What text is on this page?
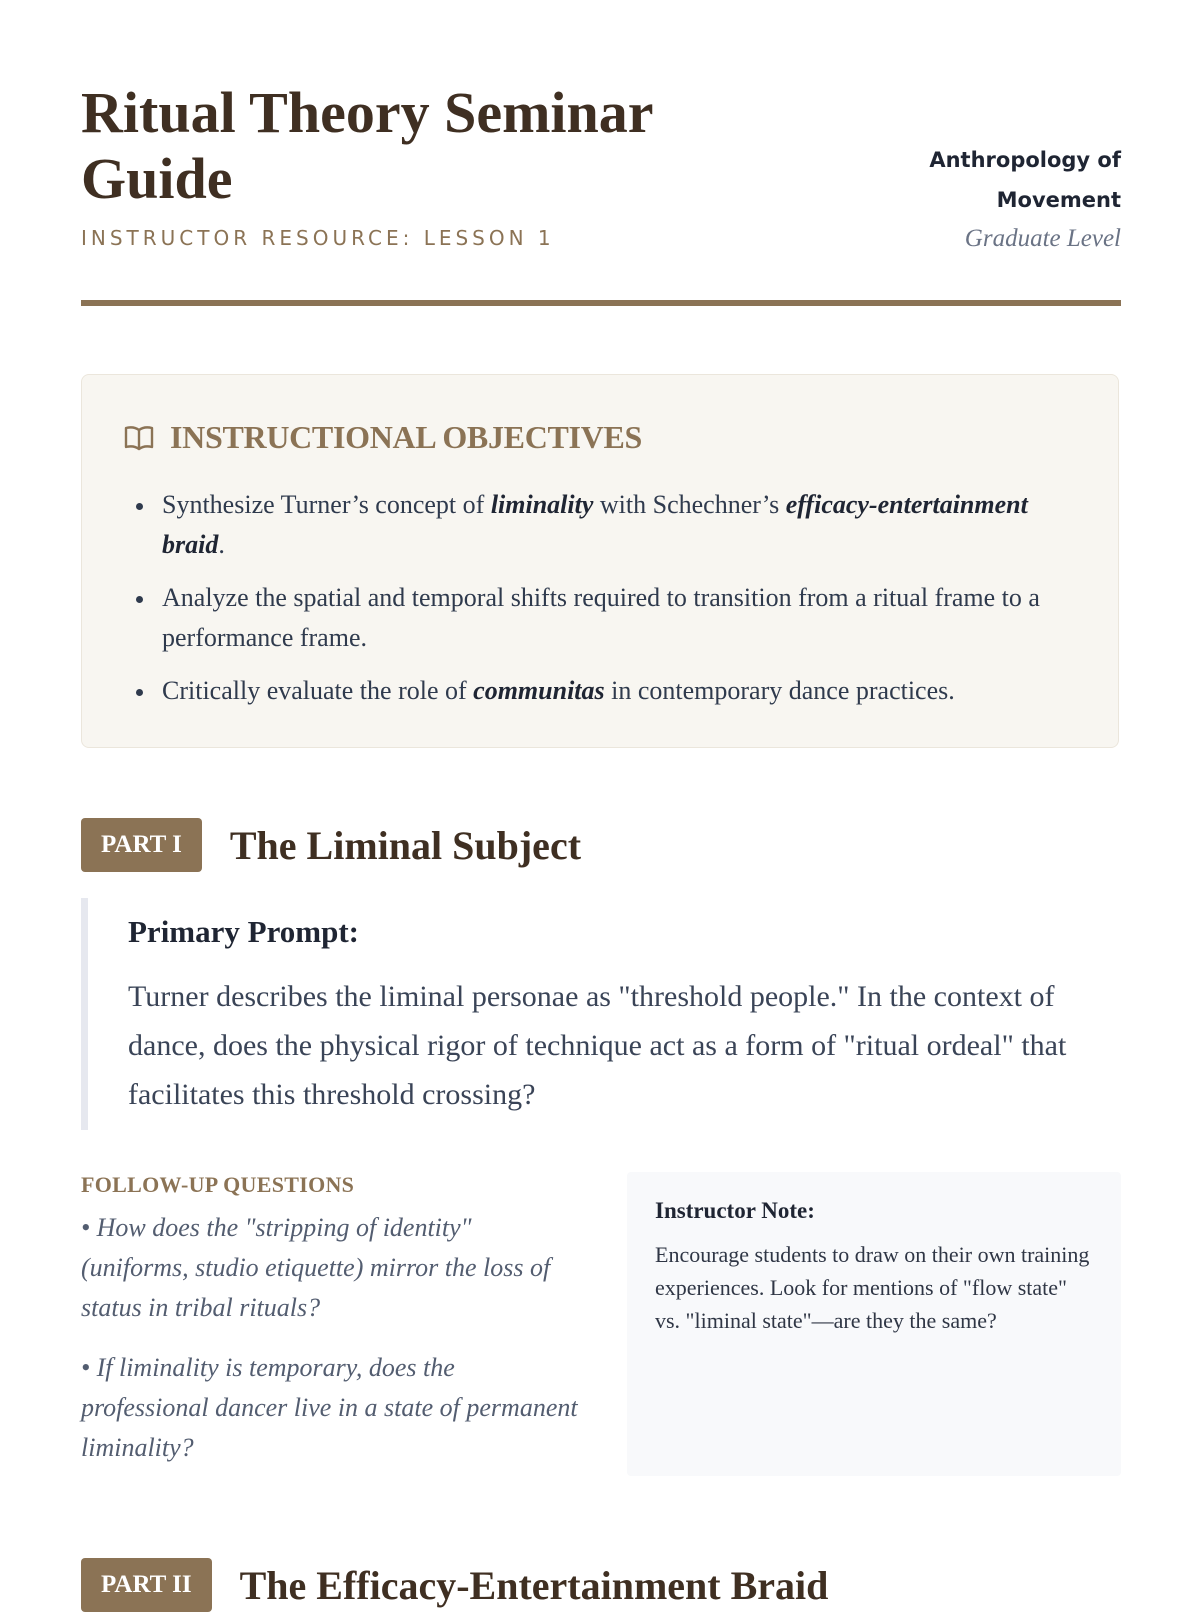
Ritual Theory Seminar Guide
INSTRUCTOR RESOURCE: LESSON 1
Anthropology of Movement
Graduate Level
INSTRUCTIONAL OBJECTIVES
Synthesize Turner’s concept of liminality with Schechner’s efficacy-entertainment braid.
Analyze the spatial and temporal shifts required to transition from a ritual frame to a performance frame.
Critically evaluate the role of communitas in contemporary dance practices.
PART I	The Liminal Subject
Primary Prompt:
Turner describes the liminal personae as "threshold people." In the context of dance, does the physical rigor of technique act as a form of "ritual ordeal" that facilitates this threshold crossing?
FOLLOW-UP QUESTIONS

• How does the "stripping of identity" (uniforms, studio etiquette) mirror the loss of status in tribal rituals?

• If liminality is temporary, does the professional dancer live in a state of permanent liminality?

Instructor Note:
Encourage students to draw on their own training experiences. Look for mentions of "flow state" vs. "liminal state"—are they the same?
PART II	The Efficacy-Entertainment Braid
